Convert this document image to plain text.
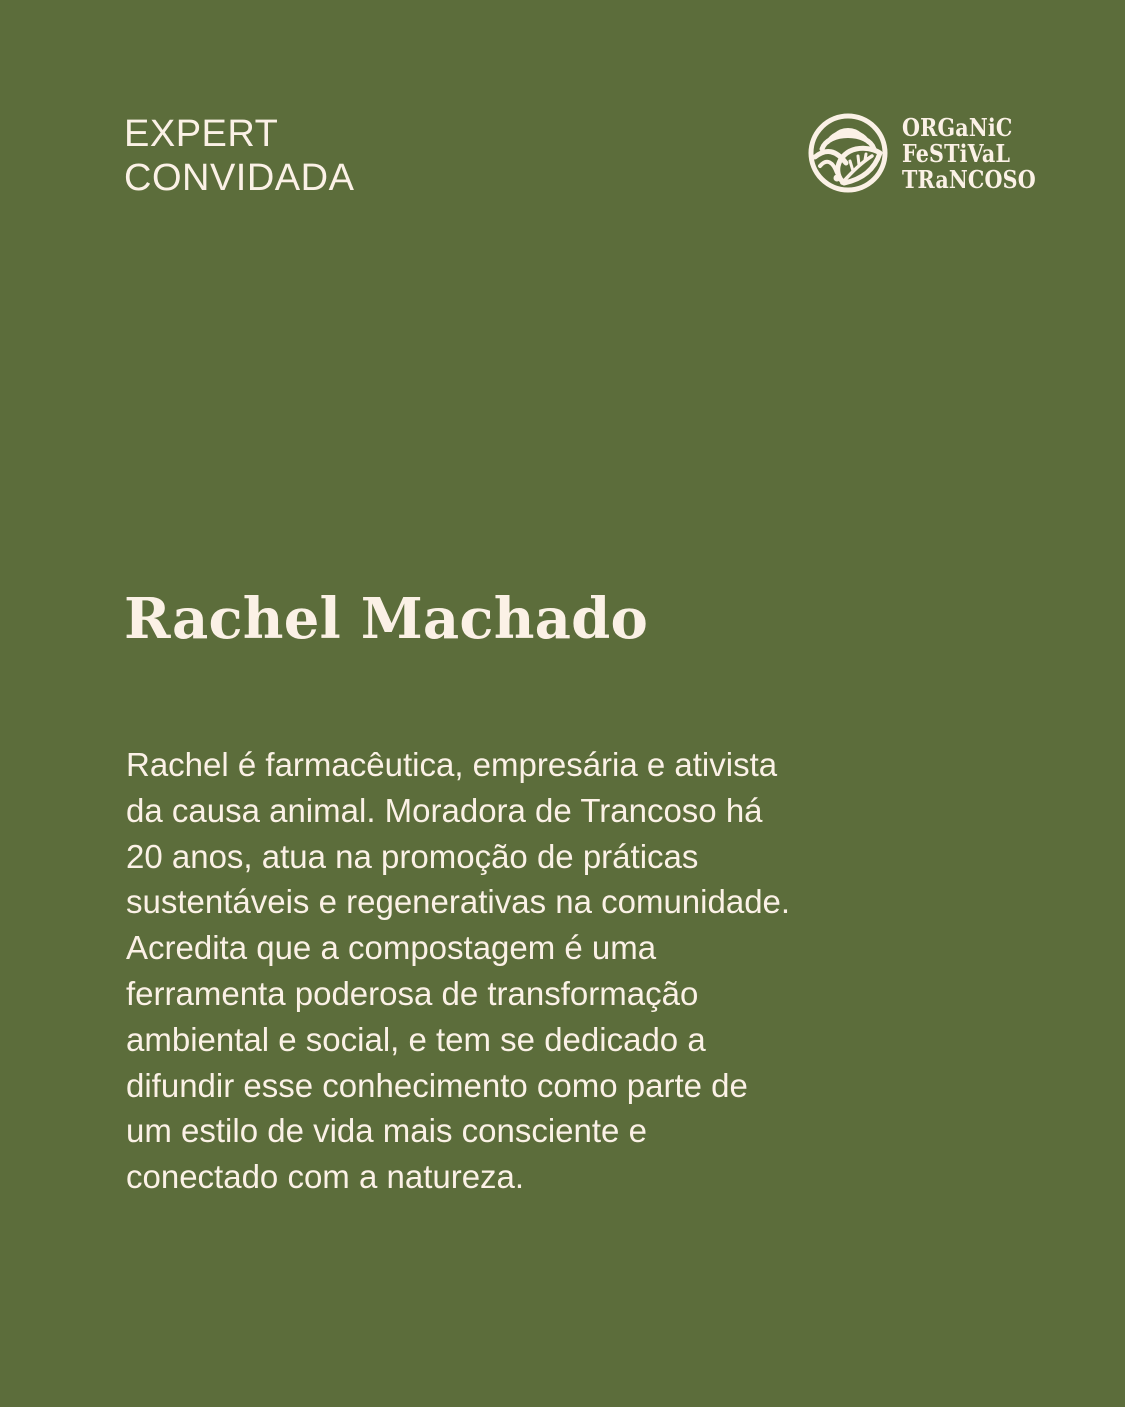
EXPERT
CONVIDADA
ORGaNiC
FeSTiVaL
TRaNCOSO
Rachel Machado
Rachel é farmacêutica, empresária e ativista
da causa animal. Moradora de Trancoso há
20 anos, atua na promoção de práticas
sustentáveis e regenerativas na comunidade.
Acredita que a compostagem é uma
ferramenta poderosa de transformação
ambiental e social, e tem se dedicado a
difundir esse conhecimento como parte de
um estilo de vida mais consciente e
conectado com a natureza.
